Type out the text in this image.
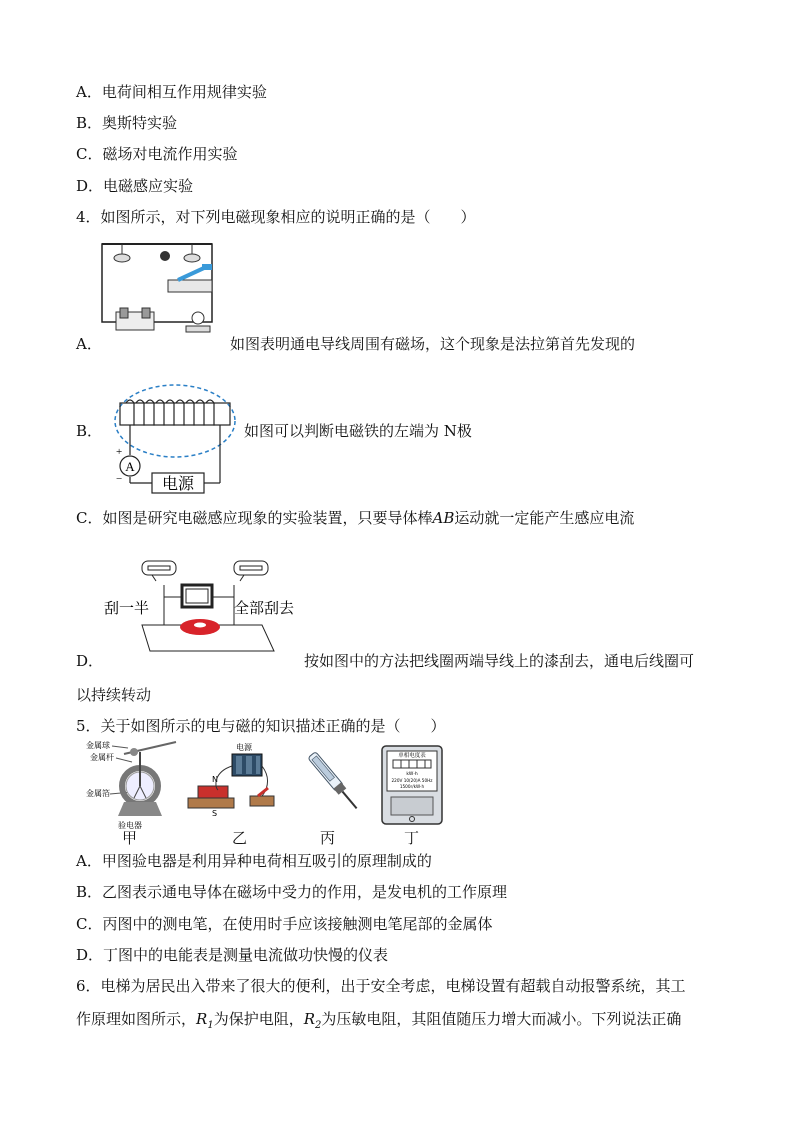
A．电荷间相互作用规律实验
B．奥斯特实验
C．磁场对电流作用实验
D．电磁感应实验
4．如图所示，对下列电磁现象相应的说明正确的是（　　）
A．	如图表明通电导线周围有磁场，这个现象是法拉第首先发现的
A
+
− 电源
B．	如图可以判断电磁铁的左端为 N极
C．如图是研究电磁感应现象的实验装置，只要导体棒AB运动就一定能产生感应电流
刮一半	全部刮去
D．	按如图中的方法把线圈两端导线上的漆刮去，通电后线圈可
以持续转动
5．关于如图所示的电与磁的知识描述正确的是（　　）
金属球
金属杆
金属箔
验电器
电源
N
S
单相电度表
kW·h
220V 10(20)A 50Hz
1500r/kW·h
甲	乙	丙	丁
A．甲图验电器是利用异种电荷相互吸引的原理制成的
B．乙图表示通电导体在磁场中受力的作用，是发电机的工作原理
C．丙图中的测电笔，在使用时手应该接触测电笔尾部的金属体
D．丁图中的电能表是测量电流做功快慢的仪表
6．电梯为居民出入带来了很大的便利，出于安全考虑，电梯设置有超载自动报警系统，其工
作原理如图所示，$R_1$为保护电阻，$R_2$为压敏电阻，其阻值随压力增大而减小。下列说法正确
